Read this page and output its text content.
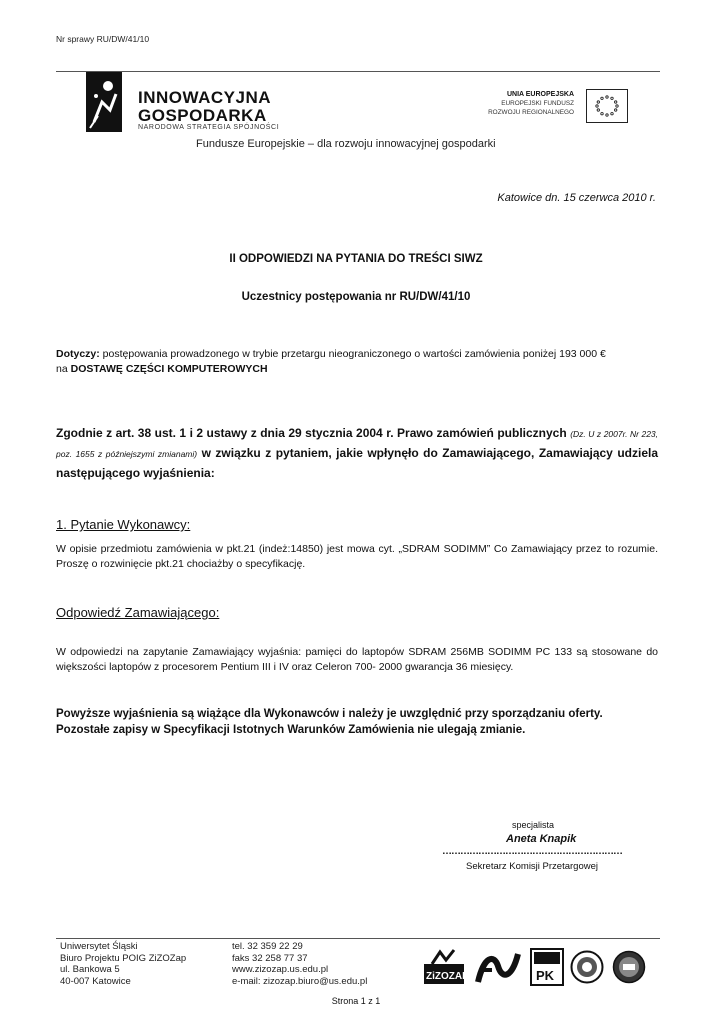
Nr sprawy RU/DW/41/10
INNOWACYJNA
GOSPODARKA
NARODOWA STRATEGIA SPÓJNOŚCI
UNIA EUROPEJSKA
EUROPEJSKI FUNDUSZ
ROZWOJU REGIONALNEGO
Fundusze Europejskie – dla rozwoju innowacyjnej gospodarki
Katowice dn. 15 czerwca 2010 r.
II ODPOWIEDZI NA PYTANIA DO TREŚCI SIWZ
Uczestnicy postępowania nr RU/DW/41/10
Dotyczy: postępowania prowadzonego w trybie przetargu nieograniczonego o wartości zamówienia poniżej 193 000 €
na DOSTAWĘ CZĘŚCI KOMPUTEROWYCH
Zgodnie z art. 38 ust. 1 i 2 ustawy z dnia 29 stycznia 2004 r. Prawo zamówień publicznych (Dz. U z 2007r. Nr 223, poz. 1655 z późniejszymi zmianami) w związku z pytaniem, jakie wpłynęło do Zamawiającego, Zamawiający udziela następującego wyjaśnienia:
1. Pytanie Wykonawcy:
W opisie przedmiotu zamówienia w pkt.21 (indeż:14850) jest mowa cyt. „SDRAM SODIMM” Co Zamawiający przez to rozumie. Proszę o rozwinięcie pkt.21 chociażby o specyfikację.
Odpowiedź Zamawiającego:
W odpowiedzi na zapytanie Zamawiający wyjaśnia: pamięci do laptopów SDRAM 256MB SODIMM PC 133 są stosowane do większości laptopów z procesorem Pentium III i IV oraz Celeron 700- 2000 gwarancja 36 miesięcy.
Powyższe wyjaśnienia są wiążące dla Wykonawców i należy je uwzględnić przy sporządzaniu oferty.
Pozostałe zapisy w Specyfikacji Istotnych Warunków Zamówienia nie ulegają zmianie.
specjalista
Aneta Knapik
……………………………………………………
Sekretarz Komisji Przetargowej
Uniwersytet Śląski
Biuro Projektu POIG ZiZOZap
ul. Bankowa 5
40-007 Katowice
tel. 32 359 22 29
faks 32 258 77 37
www.zizozap.us.edu.pl
e-mail: zizozap.biuro@us.edu.pl	ZiZOZAP	PK
Strona 1 z 1
